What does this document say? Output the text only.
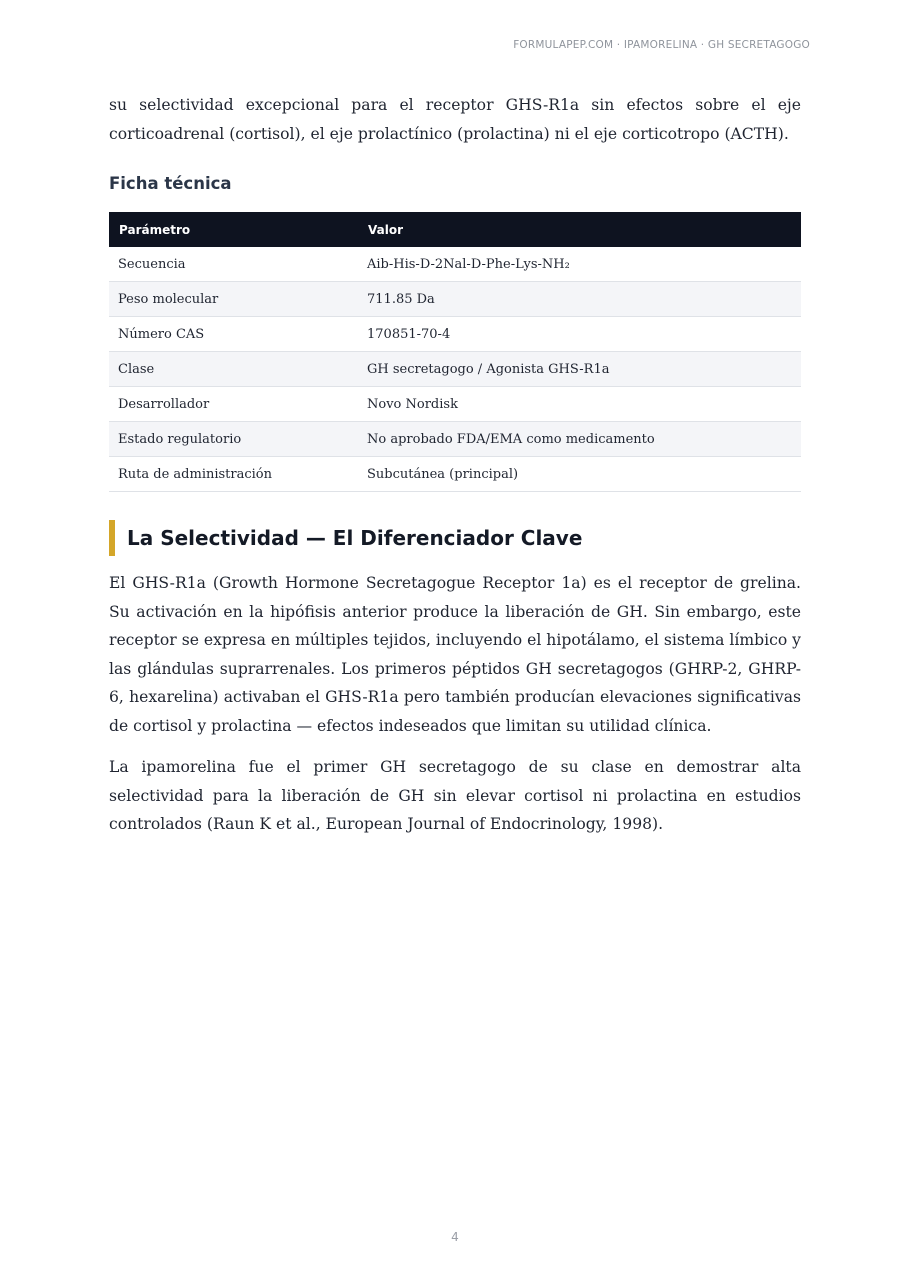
FORMULAPEP.COM · IPAMORELINA · GH SECRETAGOGO

su selectividad excepcional para el receptor GHS-R1a sin efectos sobre el eje corticoadrenal (cortisol), el eje prolactínico (prolactina) ni el eje corticotropo (ACTH).

Ficha técnica
Parámetro	Valor
Secuencia	Aib-His-D-2Nal-D-Phe-Lys-NH₂
Peso molecular	711.85 Da
Número CAS	170851-70-4
Clase	GH secretagogo / Agonista GHS-R1a
Desarrollador	Novo Nordisk
Estado regulatorio	No aprobado FDA/EMA como medicamento
Ruta de administración	Subcutánea (principal)
La Selectividad — El Diferenciador Clave

El GHS-R1a (Growth Hormone Secretagogue Receptor 1a) es el receptor de grelina. Su activación en la hipófisis anterior produce la liberación de GH. Sin embargo, este receptor se expresa en múltiples tejidos, incluyendo el hipotálamo, el sistema límbico y las glándulas suprarrenales. Los primeros péptidos GH secretagogos (GHRP-2, GHRP-6, hexarelina) activaban el GHS-R1a pero también producían elevaciones significativas de cortisol y prolactina — efectos indeseados que limitan su utilidad clínica.

La ipamorelina fue el primer GH secretagogo de su clase en demostrar alta selectividad para la liberación de GH sin elevar cortisol ni prolactina en estudios controlados (Raun K et al., European Journal of Endocrinology, 1998).

4
